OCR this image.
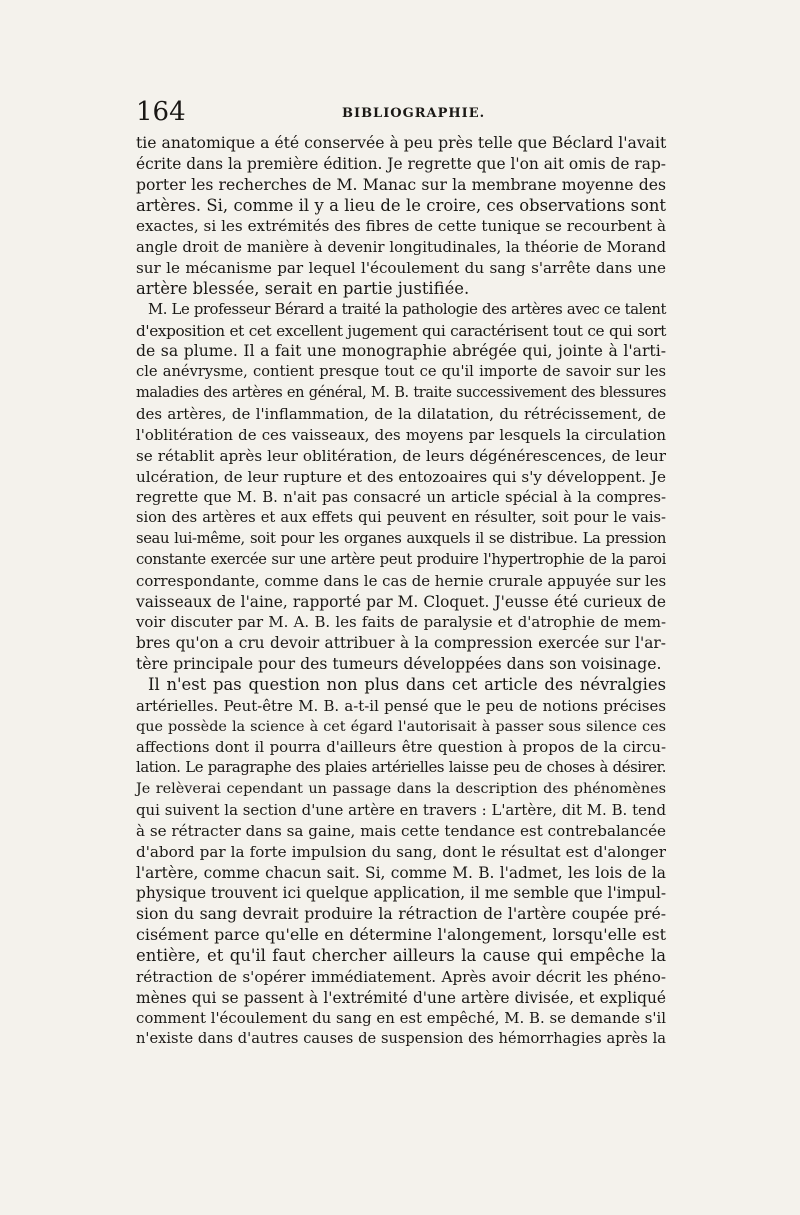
164	BIBLIOGRAPHIE.
tie anatomique a été conservée à peu près telle que Béclard l'avait
écrite dans la première édition. Je regrette que l'on ait omis de rap-
porter les recherches de M. Manac sur la membrane moyenne des
artères. Si, comme il y a lieu de le croire, ces observations sont
exactes, si les extrémités des fibres de cette tunique se recourbent à
angle droit de manière à devenir longitudinales, la théorie de Morand
sur le mécanisme par lequel l'écoulement du sang s'arrête dans une
artère blessée, serait en partie justifiée.
M. Le professeur Bérard a traité la pathologie des artères avec ce talent
d'exposition et cet excellent jugement qui caractérisent tout ce qui sort
de sa plume. Il a fait une monographie abrégée qui, jointe à l'arti-
cle anévrysme, contient presque tout ce qu'il importe de savoir sur les
maladies des artères en général, M. B. traite successivement des blessures
des artères, de l'inflammation, de la dilatation, du rétrécissement, de
l'oblitération de ces vaisseaux, des moyens par lesquels la circulation
se rétablit après leur oblitération, de leurs dégénérescences, de leur
ulcération, de leur rupture et des entozoaires qui s'y développent. Je
regrette que M. B. n'ait pas consacré un article spécial à la compres-
sion des artères et aux effets qui peuvent en résulter, soit pour le vais-
seau lui-même, soit pour les organes auxquels il se distribue. La pression
constante exercée sur une artère peut produire l'hypertrophie de la paroi
correspondante, comme dans le cas de hernie crurale appuyée sur les
vaisseaux de l'aine, rapporté par M. Cloquet. J'eusse été curieux de
voir discuter par M. A. B. les faits de paralysie et d'atrophie de mem-
bres qu'on a cru devoir attribuer à la compression exercée sur l'ar-
tère principale pour des tumeurs développées dans son voisinage.
Il n'est pas question non plus dans cet article des névralgies
artérielles. Peut-être M. B. a-t-il pensé que le peu de notions précises
que possède la science à cet égard l'autorisait à passer sous silence ces
affections dont il pourra d'ailleurs être question à propos de la circu-
lation. Le paragraphe des plaies artérielles laisse peu de choses à désirer.
Je relèverai cependant un passage dans la description des phénomènes
qui suivent la section d'une artère en travers : L'artère, dit M. B. tend
à se rétracter dans sa gaine, mais cette tendance est contrebalancée
d'abord par la forte impulsion du sang, dont le résultat est d'alonger
l'artère, comme chacun sait. Si, comme M. B. l'admet, les lois de la
physique trouvent ici quelque application, il me semble que l'impul-
sion du sang devrait produire la rétraction de l'artère coupée pré-
cisément parce qu'elle en détermine l'alongement, lorsqu'elle est
entière, et qu'il faut chercher ailleurs la cause qui empêche la
rétraction de s'opérer immédiatement. Après avoir décrit les phéno-
mènes qui se passent à l'extrémité d'une artère divisée, et expliqué
comment l'écoulement du sang en est empêché, M. B. se demande s'il
n'existe dans d'autres causes de suspension des hémorrhagies après la
